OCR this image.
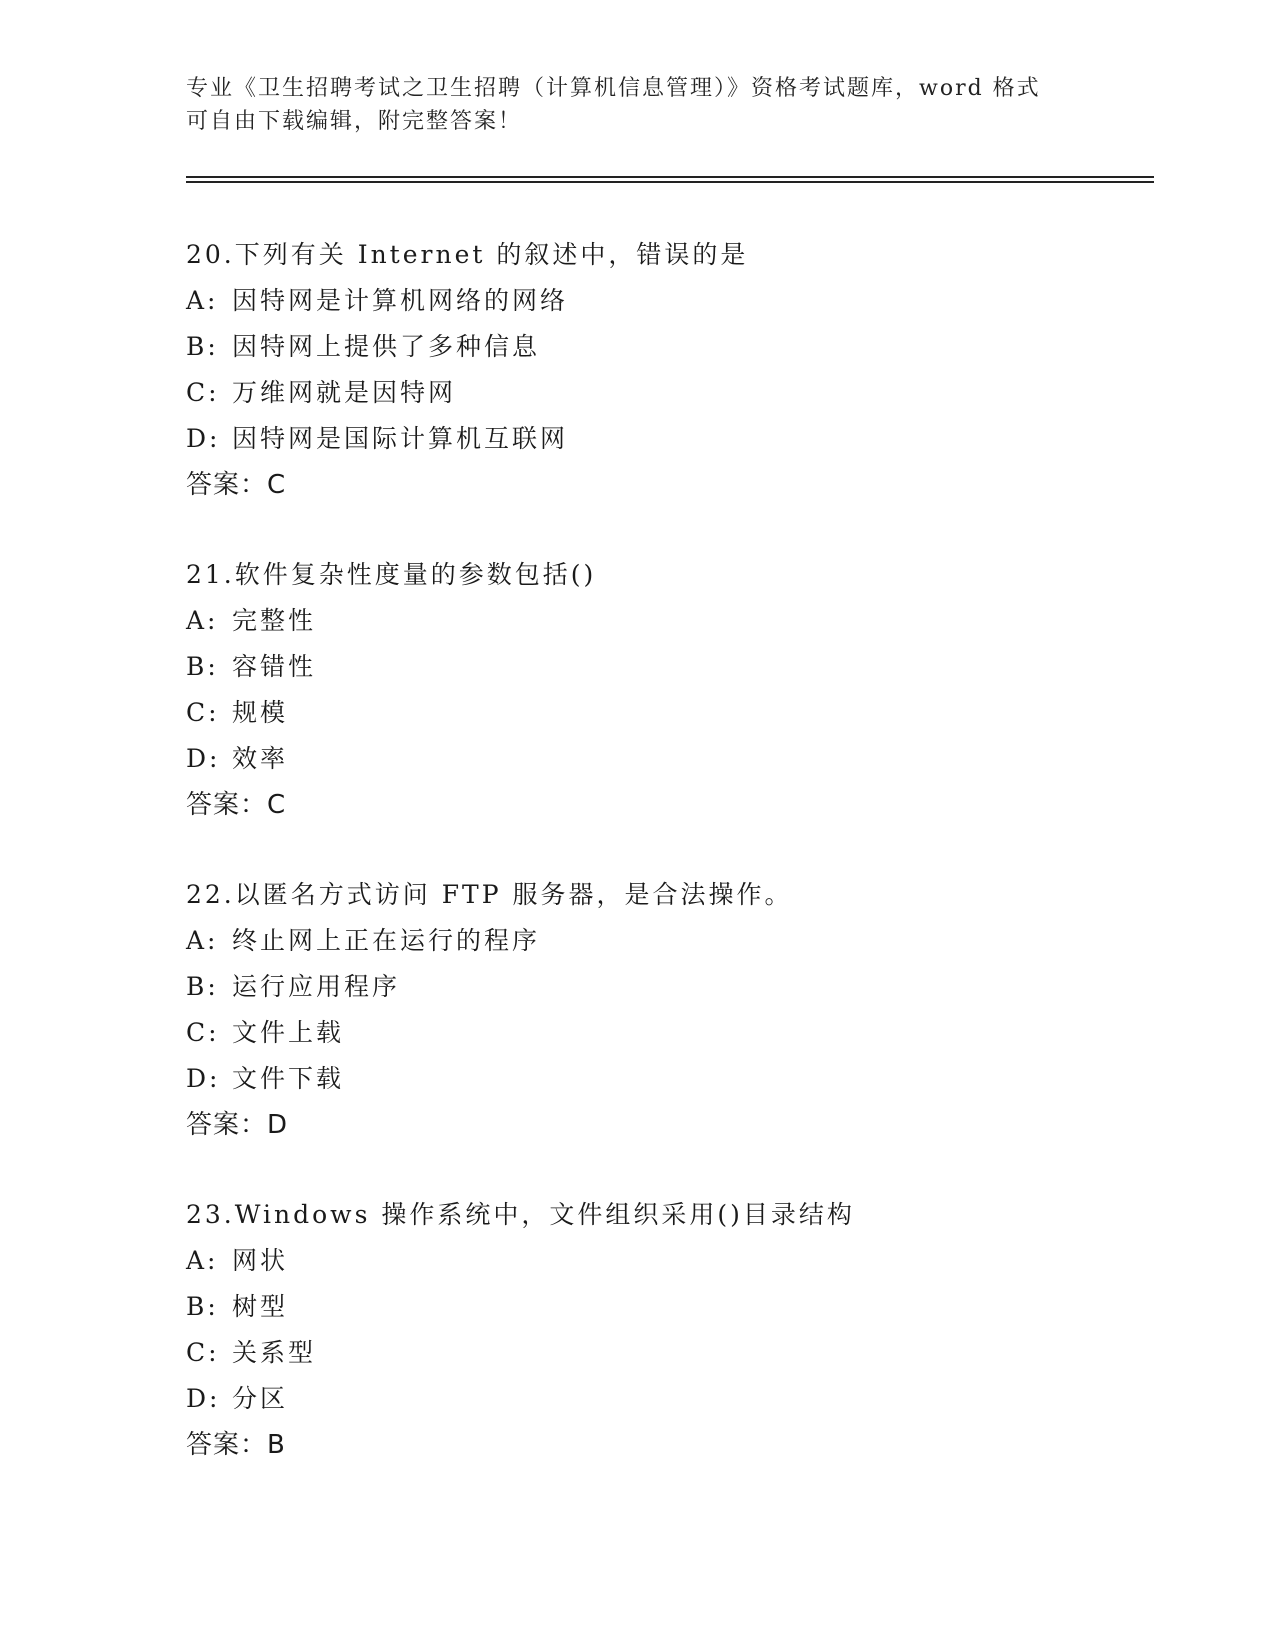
专业《卫生招聘考试之卫生招聘（计算机信息管理）》资格考试题库，word 格式

可自由下载编辑，附完整答案！

20.下列有关 Internet 的叙述中，错误的是

A: 因特网是计算机网络的网络

B: 因特网上提供了多种信息

C: 万维网就是因特网

D: 因特网是国际计算机互联网

答案：C

21.软件复杂性度量的参数包括()

A: 完整性

B: 容错性

C: 规模

D: 效率

答案：C

22.以匿名方式访问 FTP 服务器，是合法操作。

A: 终止网上正在运行的程序

B: 运行应用程序

C: 文件上载

D: 文件下载

答案：D

23.Windows 操作系统中，文件组织采用()目录结构

A: 网状

B: 树型

C: 关系型

D: 分区

答案：B
